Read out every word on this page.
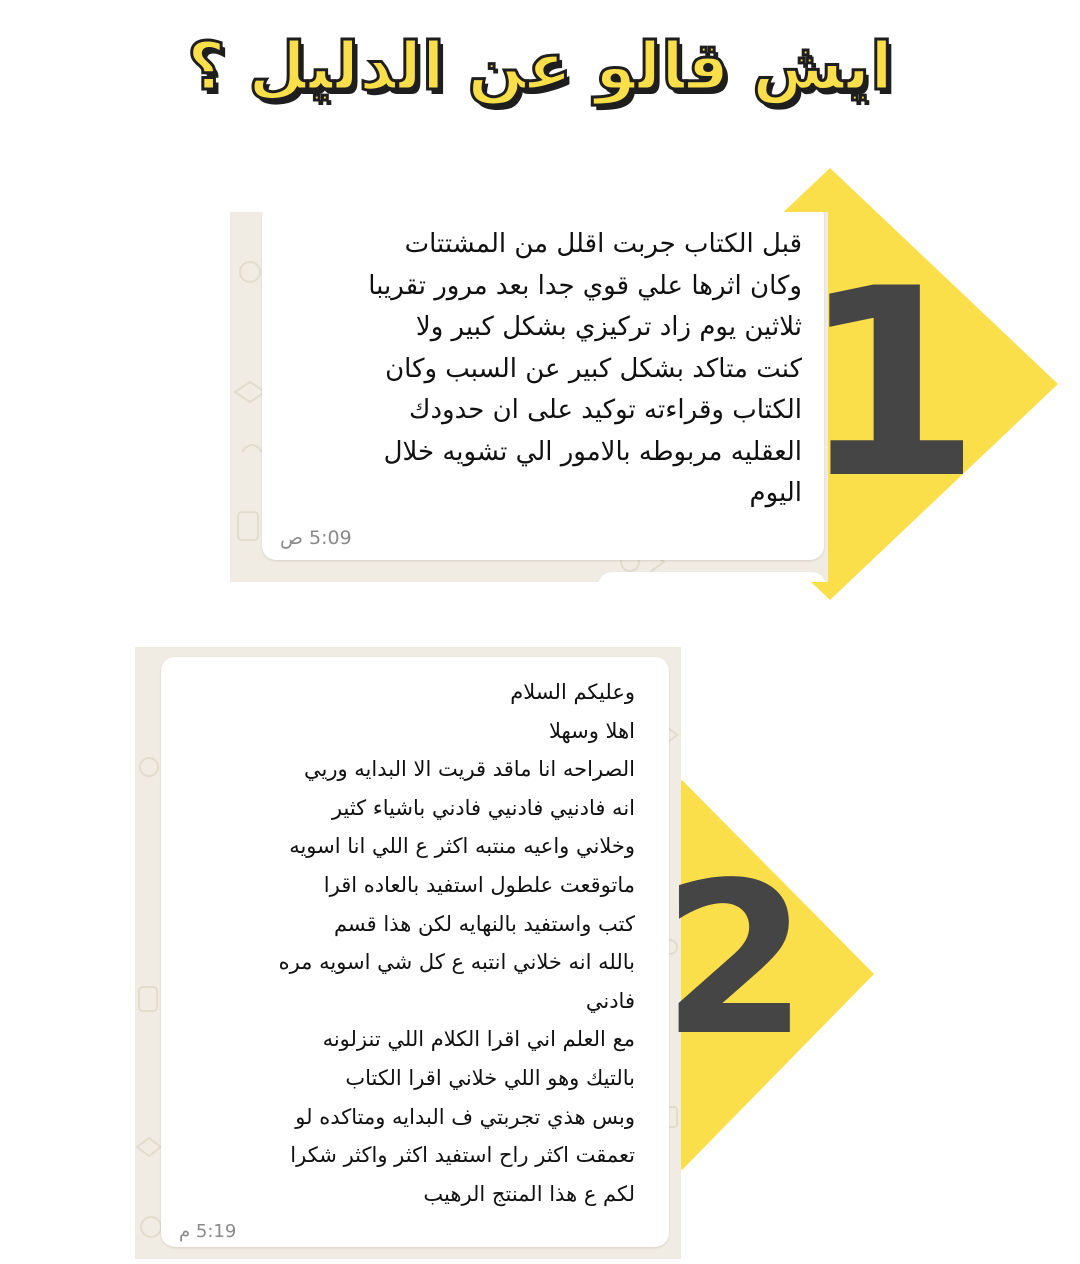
ايش قالو عن الدليل ؟
قبل الكتاب جربت اقلل من المشتتات
وكان اثرها علي قوي جدا بعد مرور تقريبا
ثلاثين يوم زاد تركيزي بشكل كبير ولا
كنت متاكد بشكل كبير عن السبب وكان
الكتاب وقراءته توكيد على ان حدودك
العقليه مربوطه بالامور الي تشويه خلال
اليوم
5:09 ص
1
وعليكم السلام
اهلا وسهلا
الصراحه انا ماقد قريت الا البدايه وريي
انه فادنيي فادنيي فادني باشياء كثير
وخلاني واعيه منتبه اكثر ع اللي انا اسويه
ماتوقعت علطول استفيد بالعاده اقرا
كتب واستفيد بالنهايه لكن هذا قسم
بالله انه خلاني انتبه ع كل شي اسويه مره
فادني
مع العلم اني اقرا الكلام اللي تنزلونه
بالتيك وهو اللي خلاني اقرا الكتاب
وبس هذي تجربتي ف البدايه ومتاكده لو
تعمقت اكثر راح استفيد اكثر واكثر شكرا
لكم ع هذا المنتج الرهيب
5:19 م
2
